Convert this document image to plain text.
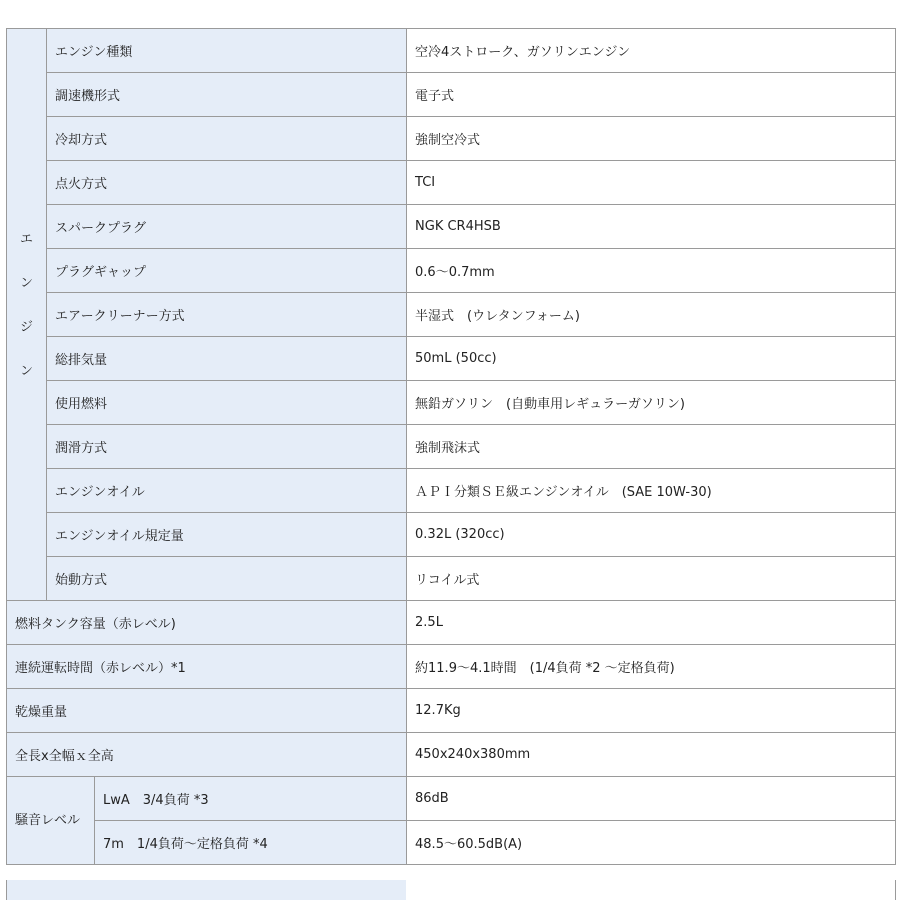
エ
ン
ジ
ン	エンジン種類		空冷4ストローク、ガソリンエンジン
	調速機形式		電子式
	冷却方式		強制空冷式
	点火方式		TCI
	スパークプラグ		NGK CR4HSB
	プラグギャップ		0.6～0.7mm
	エアークリーナー方式		半湿式　(ウレタンフォーム)
	総排気量		50mL (50cc)
	使用燃料		無鉛ガソリン　(自動車用レギュラーガソリン)
	潤滑方式		強制飛沫式
	エンジンオイル		ＡＰＩ分類ＳＥ級エンジンオイル　(SAE 10W-30)
	エンジンオイル規定量		0.32L (320cc)
	始動方式		リコイル式
燃料タンク容量（赤レベル)			2.5L
連続運転時間（赤レベル）*1			約11.9～4.1時間　(1/4負荷 *2 ～定格負荷)
乾燥重量			12.7Kg
全長x全幅ｘ全高			450x240x380mm
騒音レベル		LwA　3/4負荷 *3	86dB
		7m　1/4負荷～定格負荷 *4	48.5～60.5dB(A)
